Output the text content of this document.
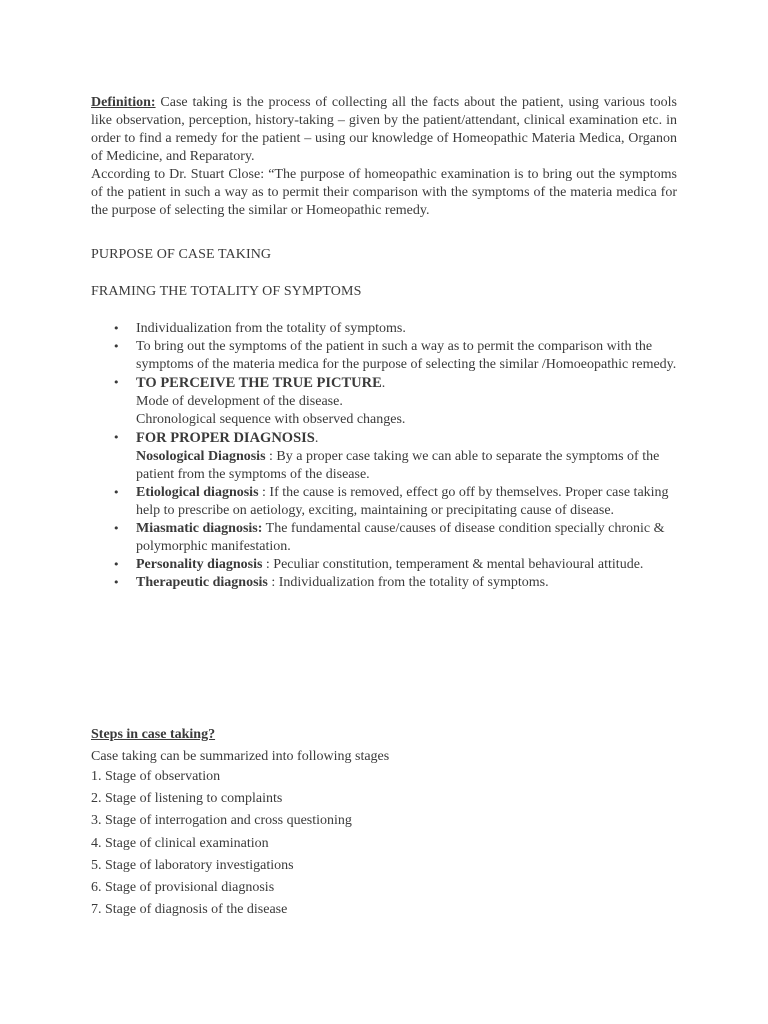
Definition: Case taking is the process of collecting all the facts about the patient, using various tools like observation, perception, history-taking – given by the patient/attendant, clinical examination etc. in order to find a remedy for the patient – using our knowledge of Homeopathic Materia Medica, Organon of Medicine, and Reparatory.

According to Dr. Stuart Close: “The purpose of homeopathic examination is to bring out the symptoms of the patient in such a way as to permit their comparison with the symptoms of the materia medica for the purpose of selecting the similar or Homeopathic remedy.

PURPOSE OF CASE TAKING
FRAMING THE TOTALITY OF SYMPTOMS
• Individualization from the totality of symptoms.
• To bring out the symptoms of the patient in such a way as to permit the comparison with the symptoms of the materia medica for the purpose of selecting the similar /Homoeopathic remedy.
• TO PERCEIVE THE TRUE PICTURE.
Mode of development of the disease.
Chronological sequence with observed changes.
• FOR PROPER DIAGNOSIS.
Nosological Diagnosis : By a proper case taking we can able to separate the symptoms of the patient from the symptoms of the disease.
• Etiological diagnosis : If the cause is removed, effect go off by themselves. Proper case taking help to prescribe on aetiology, exciting, maintaining or precipitating cause of disease.
• Miasmatic diagnosis: The fundamental cause/causes of disease condition specially chronic & polymorphic manifestation.
• Personality diagnosis : Peculiar constitution, temperament & mental behavioural attitude.
• Therapeutic diagnosis : Individualization from the totality of symptoms.
Steps in case taking?
Case taking can be summarized into following stages
1. Stage of observation
2. Stage of listening to complaints
3. Stage of interrogation and cross questioning
4. Stage of clinical examination
5. Stage of laboratory investigations
6. Stage of provisional diagnosis
7. Stage of diagnosis of the disease
